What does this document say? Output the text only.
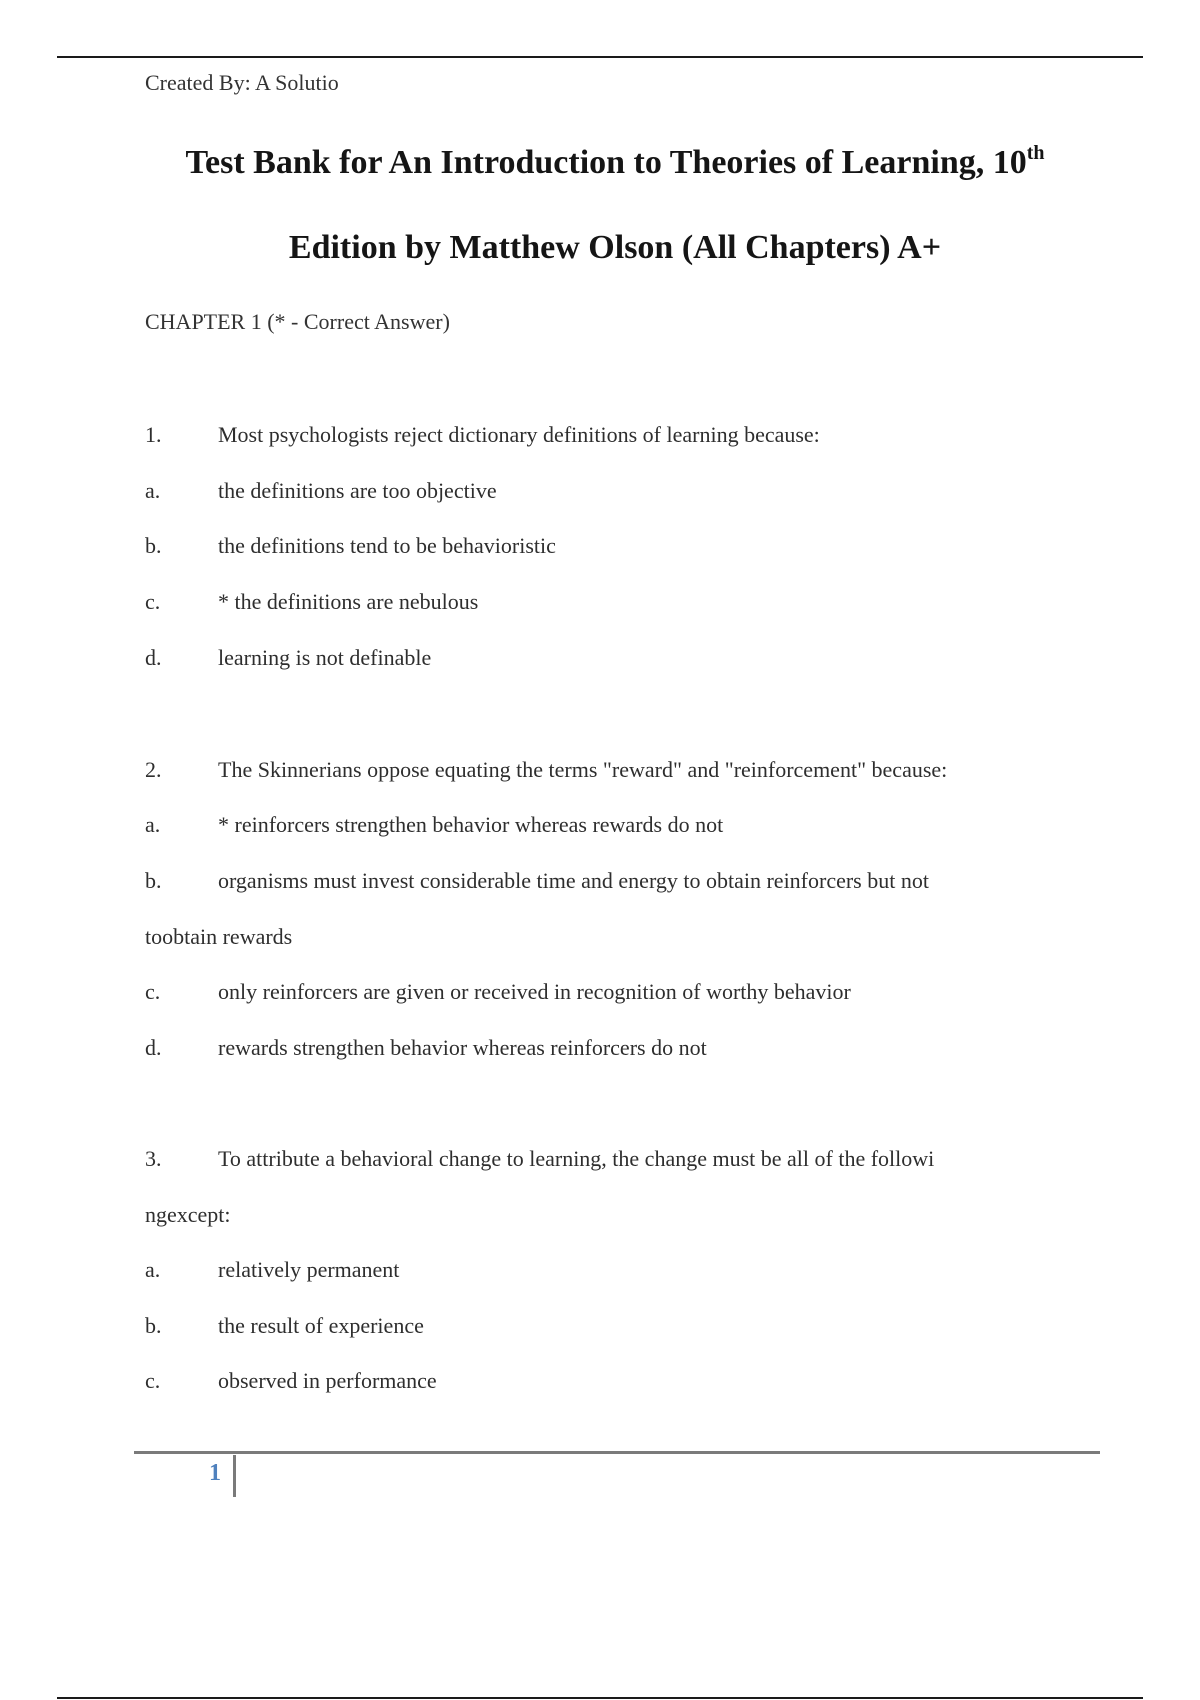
Created By: A Solutio
Test Bank for An Introduction to Theories of Learning, 10th
Edition by Matthew Olson (All Chapters) A+
CHAPTER 1 (* - Correct Answer)
1.	Most psychologists reject dictionary definitions of learning because:
a.	the definitions are too objective
b.	the definitions tend to be behavioristic
c.	* the definitions are nebulous
d.	learning is not definable
2.	The Skinnerians oppose equating the terms "reward" and "reinforcement" because:
a.	* reinforcers strengthen behavior whereas rewards do not
b.	organisms must invest considerable time and energy to obtain reinforcers but not
toobtain rewards
c.	only reinforcers are given or received in recognition of worthy behavior
d.	rewards strengthen behavior whereas reinforcers do not
3.	To attribute a behavioral change to learning, the change must be all of the followi
ngexcept:
a.	relatively permanent
b.	the result of experience
c.	observed in performance
1
